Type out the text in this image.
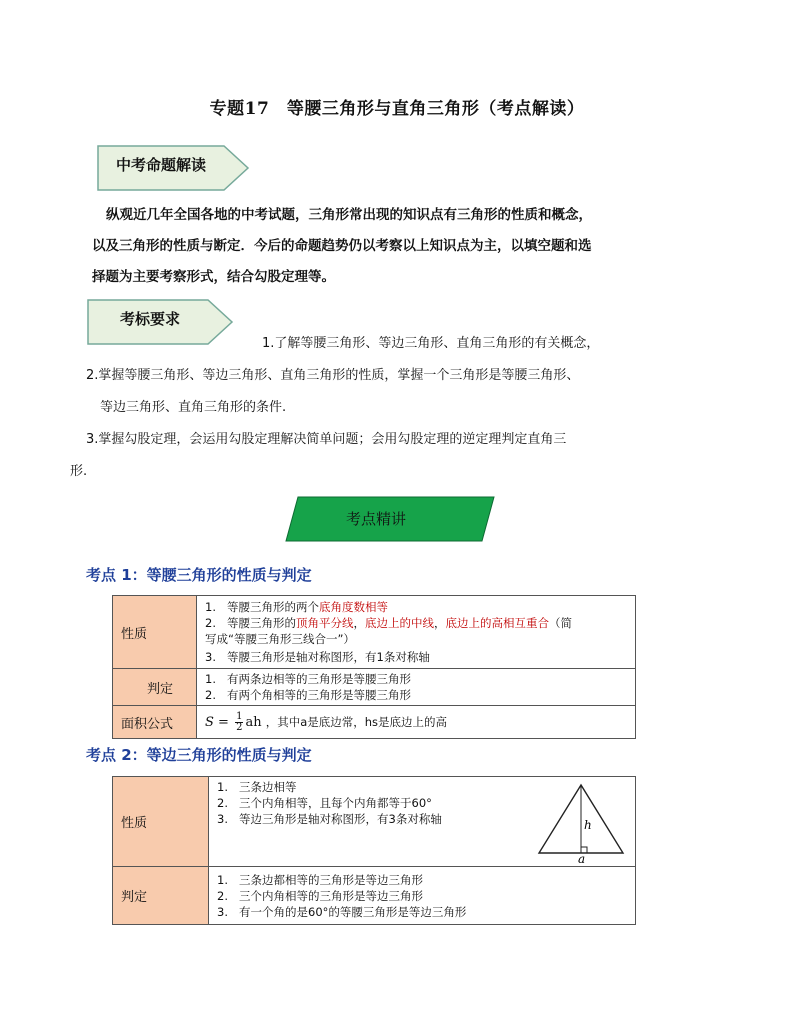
专题17　等腰三角形与直角三角形（考点解读）
中考命题解读
纵观近几年全国各地的中考试题，三角形常出现的知识点有三角形的性质和概念，
以及三角形的性质与断定．今后的命题趋势仍以考察以上知识点为主，以填空题和选
择题为主要考察形式，结合勾股定理等。
考标要求
1.了解等腰三角形、等边三角形、直角三角形的有关概念，
2.掌握等腰三角形、等边三角形、直角三角形的性质，掌握一个三角形是等腰三角形、
等边三角形、直角三角形的条件.
3.掌握勾股定理，会运用勾股定理解决简单问题；会用勾股定理的逆定理判定直角三
形.
考点精讲
考点 1：等腰三角形的性质与判定
性质	1. 等腰三角形的两个底角度数相等
2. 等腰三角形的顶角平分线，底边上的中线，底边上的高相互重合（简
写成“等腰三角形三线合一”）
3. 等腰三角形是轴对称图形，有1条对称轴

判定	1. 有两条边相等的三角形是等腰三角形
2. 有两个角相等的三角形是等腰三角形

面积公式	$S = \frac{1}{2}$ ah ，其中a是底边常，hs是底边上的高
考点 2：等边三角形的性质与判定
性质	1. 三条边相等
2. 三个内角相等，且每个内角都等于60°
3. 等边三角形是轴对称图形，有3条对称轴 h
a

判定	1. 三条边都相等的三角形是等边三角形
2. 三个内角相等的三角形是等边三角形
3. 有一个角的是60°的等腰三角形是等边三角形
